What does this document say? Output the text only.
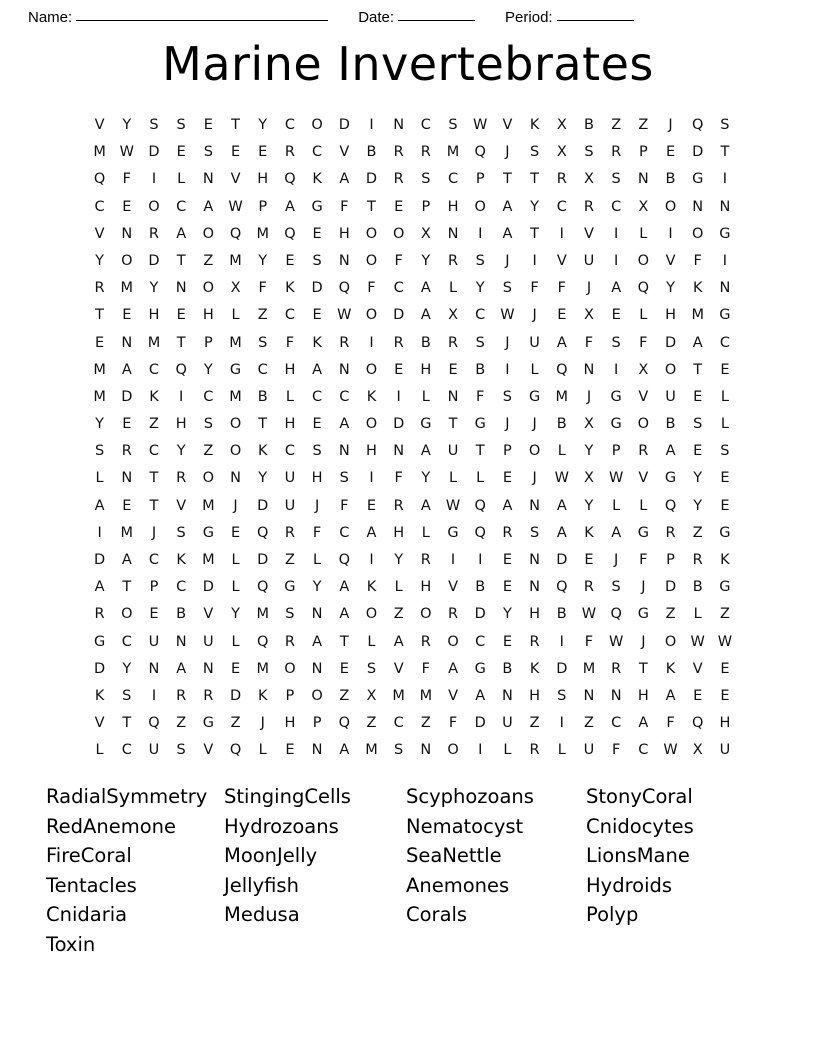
Name:	Date:	Period:
Marine Invertebrates
V	Y	S	S	E	T	Y	C	O	D	I	N	C	S	W	V	K	X	B	Z	Z	J	Q	S
M W D	E	S	E	E	R	C	V	B	R	R	M	Q	J	S	X	S	R	P	E	D	T
Q	F	I	L	N	V	H	Q	K	A	D	R	S	C	P	T	T	R	X	S	N	B	G	I
C	E	O	C	A	W	P	A	G	F	T	E	P	H	O	A	Y	C	R	C	X	O	N	N
V	N	R	A	O	Q	M	Q	E	H	O	O	X	N	I	A	T	I	V	I	L	I	O	G
Y	O	D	T	Z	M	Y	E	S	N	O	F	Y	R	S	J	I	V	U	I	O	V	F	I
R	M	Y	N	O	X	F	K	D	Q	F	C	A	L	Y	S	F	F	J	A	Q	Y	K	N
T	E	H	E	H	L	Z	C	E	W O	D	A	X	C	W	J	E	X	E	L	H	M	G
E	N	M	T	P	M	S	F	K	R	I	R	B	R	S	J	U	A	F	S	F	D	A	C
M	A	C	Q	Y	G	C	H	A	N	O	E	H	E	B	I	L	Q	N	I	X	O	T	E
M	D	K	I	C	M	B	L	C	C	K	I	L	N	F	S	G	M	J	G	V	U	E	L
Y	E	Z	H	S	O	T	H	E	A	O	D	G	T	G	J	J	B	X	G	O	B	S	L
S	R	C	Y	Z	O	K	C	S	N	H	N	A	U	T	P	O	L	Y	P	R	A	E	S
L	N	T	R	O	N	Y	U	H	S	I	F	Y	L	L	E	J	W	X	W	V	G	Y	E
A	E	T	V	M	J	D	U	J	F	E	R	A	W Q	A	N	A	Y	L	L	Q	Y	E
I	M	J	S	G	E	Q	R	F	C	A	H	L	G	Q	R	S	A	K	A	G	R	Z	G
D	A	C	K	M	L	D	Z	L	Q	I	Y	R	I	I	E	N	D	E	J	F	P	R	K
A	T	P	C	D	L	Q	G	Y	A	K	L	H	V	B	E	N	Q	R	S	J	D	B	G
R	O	E	B	V	Y	M	S	N	A	O	Z	O	R	D	Y	H	B	W Q	G	Z	L	Z
G	C	U	N	U	L	Q	R	A	T	L	A	R	O	C	E	R	I	F	W	J	O W W
D	Y	N	A	N	E	M	O	N	E	S	V	F	A	G	B	K	D	M	R	T	K	V	E
K	S	I	R	R	D	K	P	O	Z	X	M	M	V	A	N	H	S	N	N	H	A	E	E
V	T	Q	Z	G	Z	J	H	P	Q	Z	C	Z	F	D	U	Z	I	Z	C	A	F	Q	H
L	C	U	S	V	Q	L	E	N	A	M	S	N	O	I	L	R	L	U	F	C	W	X	U
RadialSymmetry
RedAnemone
FireCoral
Tentacles
Cnidaria
Toxin
StingingCells
Hydrozoans
MoonJelly
Jellyfish
Medusa
Scyphozoans
Nematocyst
SeaNettle
Anemones
Corals
StonyCoral
Cnidocytes
LionsMane
Hydroids
Polyp
